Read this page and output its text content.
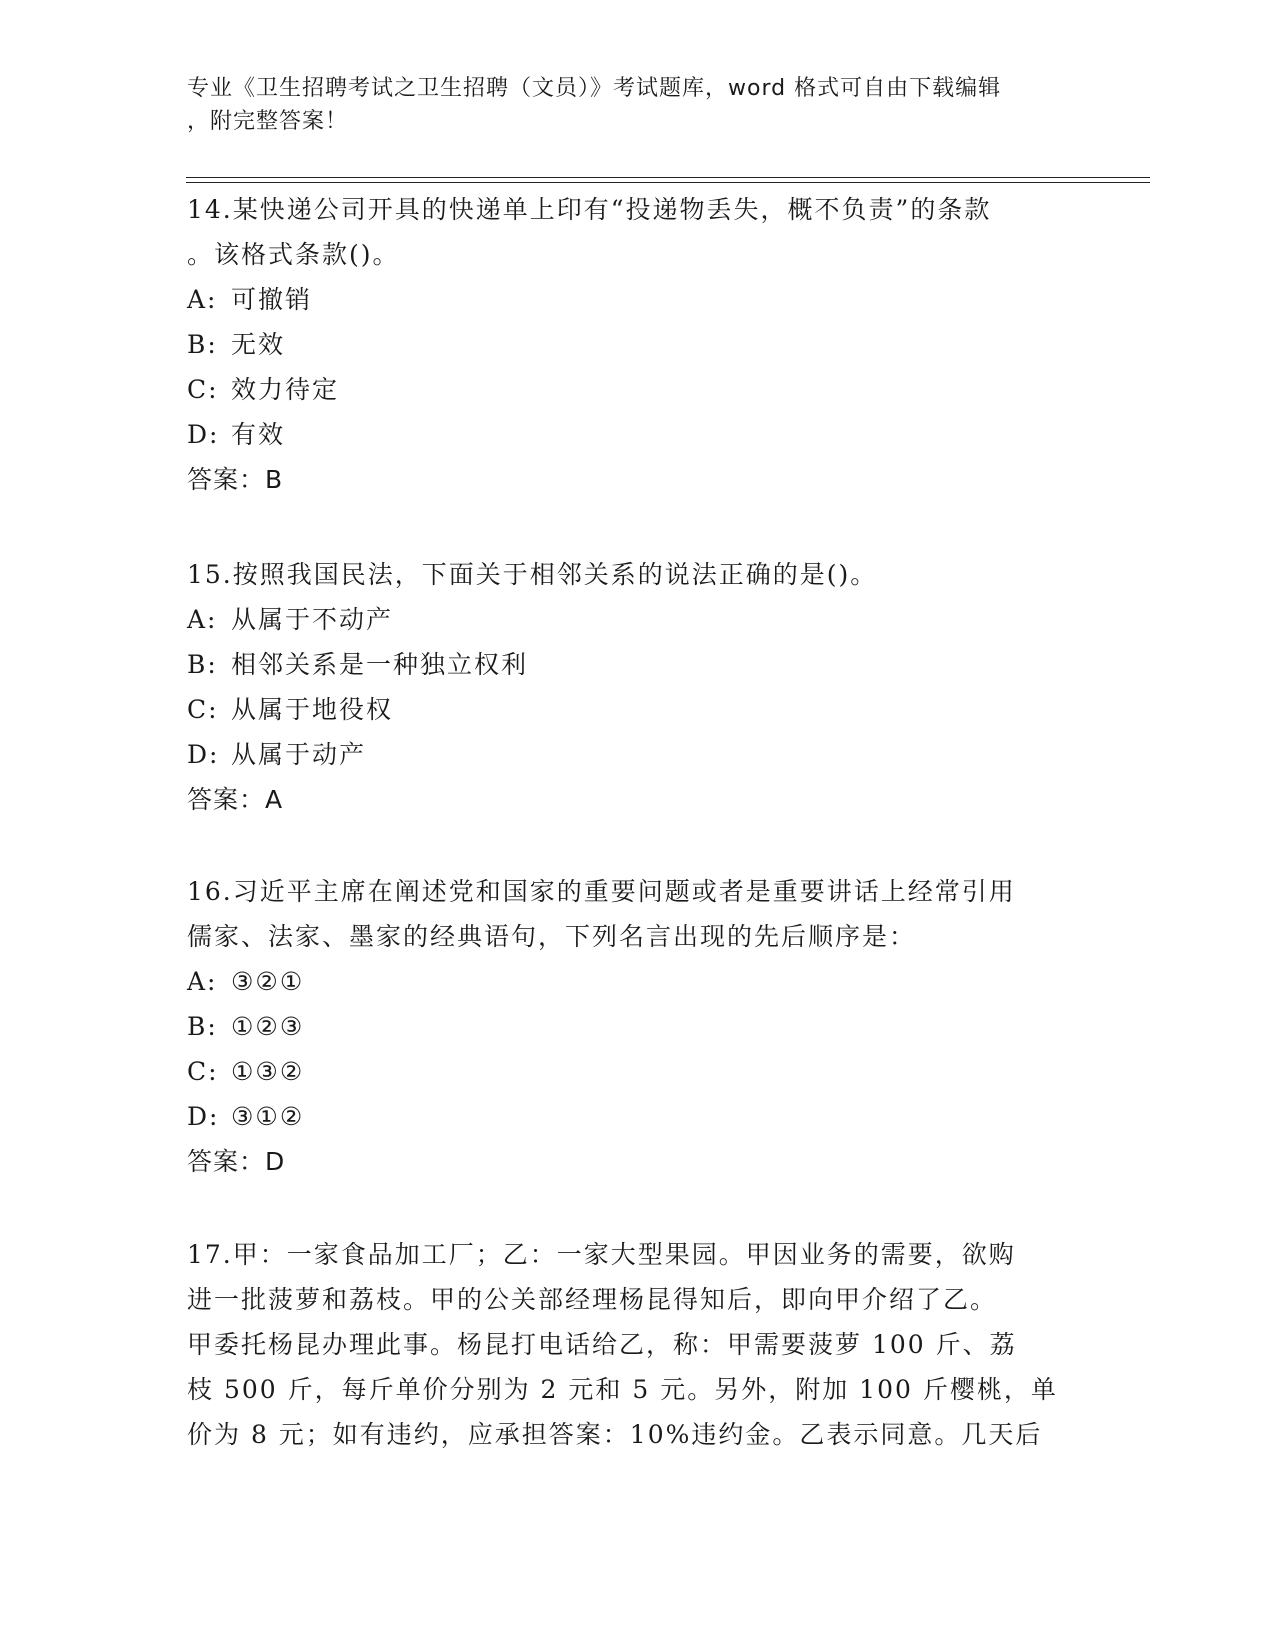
专业《卫生招聘考试之卫生招聘（文员）》考试题库，word 格式可自由下载编辑
，附完整答案！
14.某快递公司开具的快递单上印有“投递物丢失，概不负责”的条款
。该格式条款()。
A: 可撤销
B: 无效
C: 效力待定
D: 有效
答案：B
15.按照我国民法，下面关于相邻关系的说法正确的是()。
A: 从属于不动产
B: 相邻关系是一种独立权利
C: 从属于地役权
D: 从属于动产
答案：A
16.习近平主席在阐述党和国家的重要问题或者是重要讲话上经常引用
儒家、法家、墨家的经典语句，下列名言出现的先后顺序是：
A: ③②①
B: ①②③
C: ①③②
D: ③①②
答案：D
17.甲：一家食品加工厂；乙：一家大型果园。甲因业务的需要，欲购
进一批菠萝和荔枝。甲的公关部经理杨昆得知后，即向甲介绍了乙。
甲委托杨昆办理此事。杨昆打电话给乙，称：甲需要菠萝 100 斤、荔
枝 500 斤，每斤单价分别为 2 元和 5 元。另外，附加 100 斤樱桃，单
价为 8 元；如有违约，应承担答案：10%违约金。乙表示同意。几天后
